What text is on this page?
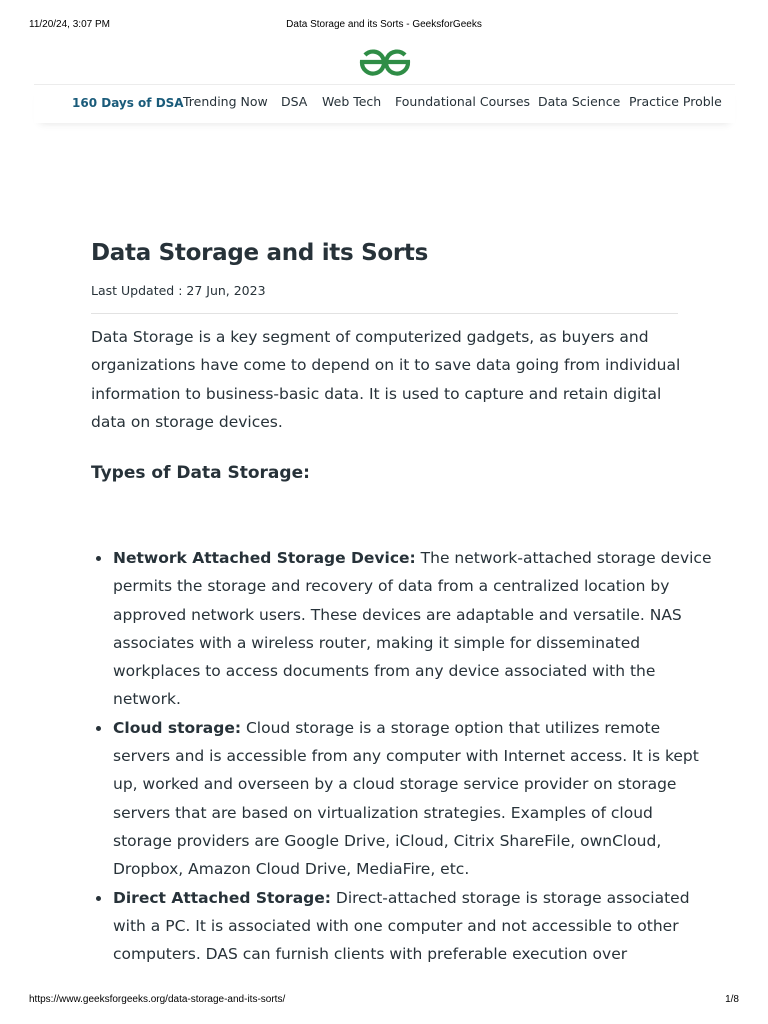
11/20/24, 3:07 PM	Data Storage and its Sorts - GeeksforGeeks
160 Days of DSA Trending Now DSA Web Tech Foundational Courses Data Science Practice Proble
Data Storage and its Sorts
Last Updated : 27 Jun, 2023

Data Storage is a key segment of computerized gadgets, as buyers and organizations have come to depend on it to save data going from individual information to business-basic data. It is used to capture and retain digital data on storage devices.

Types of Data Storage:
Network Attached Storage Device: The network-attached storage device permits the storage and recovery of data from a centralized location by approved network users. These devices are adaptable and versatile. NAS associates with a wireless router, making it simple for disseminated workplaces to access documents from any device associated with the network.
Cloud storage: Cloud storage is a storage option that utilizes remote servers and is accessible from any computer with Internet access. It is kept up, worked and overseen by a cloud storage service provider on storage servers that are based on virtualization strategies. Examples of cloud storage providers are Google Drive, iCloud, Citrix ShareFile, ownCloud, Dropbox, Amazon Cloud Drive, MediaFire, etc.
Direct Attached Storage: Direct-attached storage is storage associated with a PC. It is associated with one computer and not accessible to other computers. DAS can furnish clients with preferable execution over
https://www.geeksforgeeks.org/data-storage-and-its-sorts/	1/8
